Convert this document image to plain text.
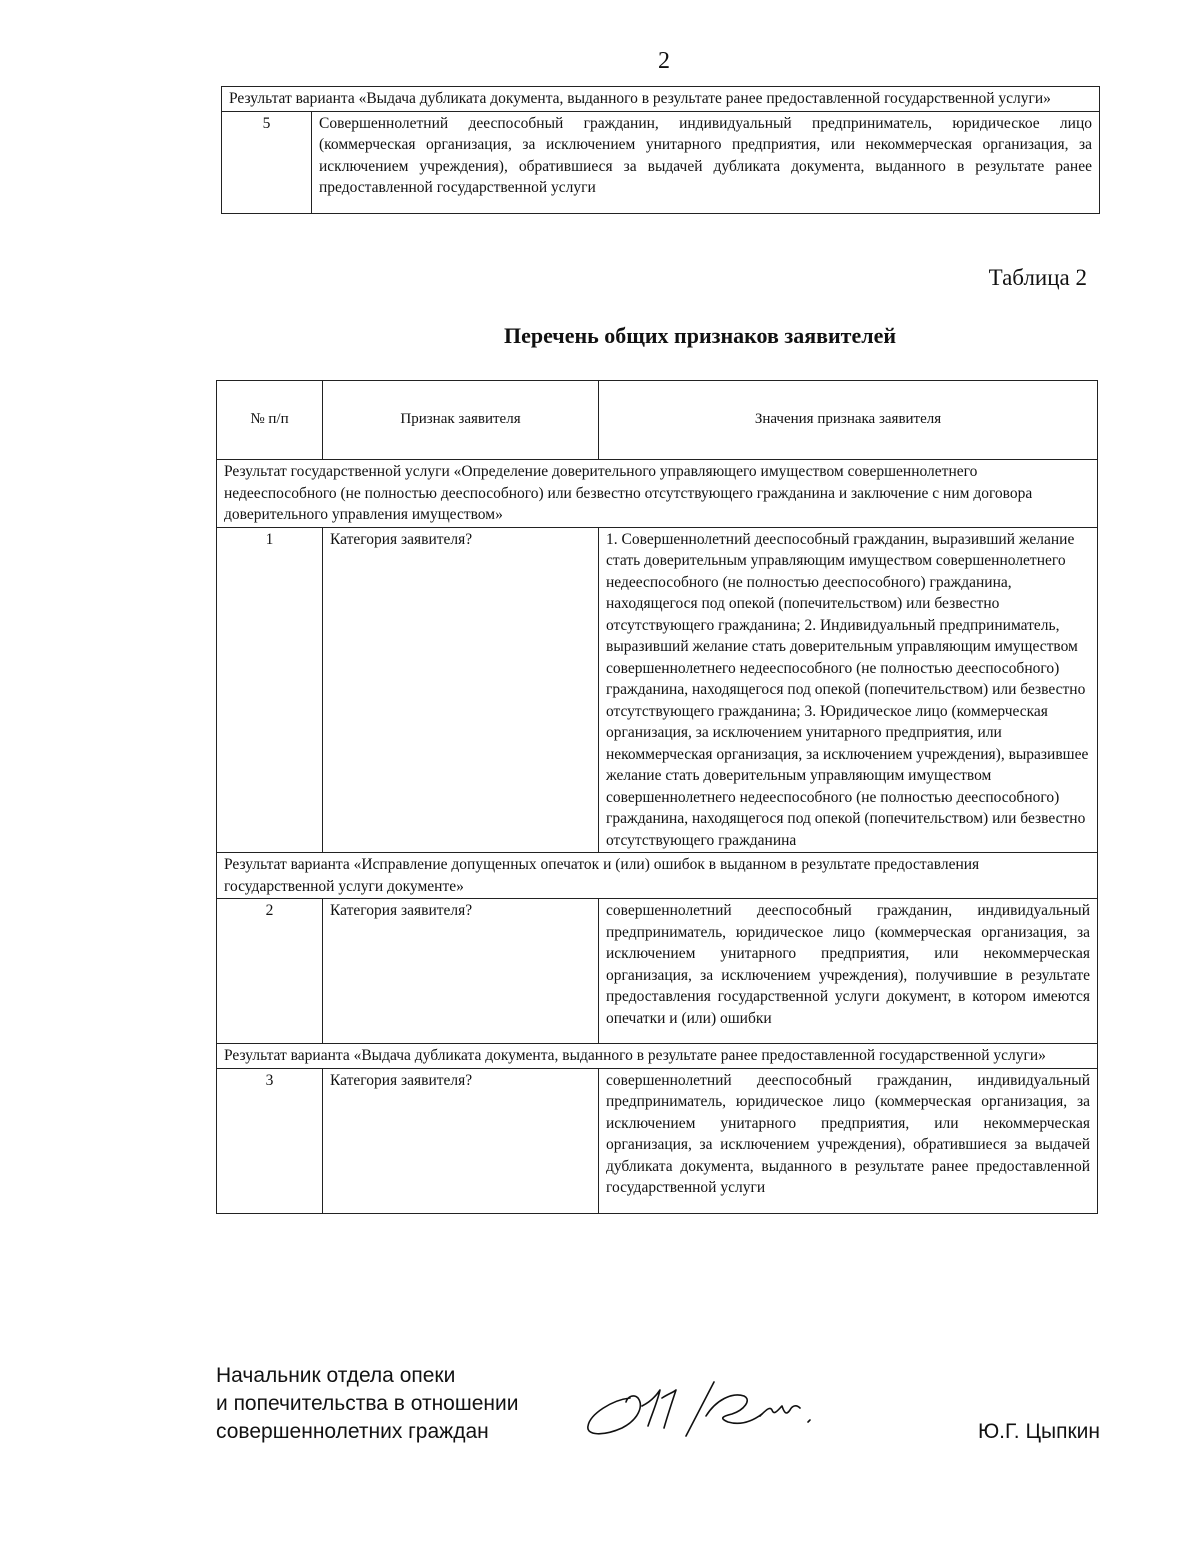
2
Результат варианта «Выдача дубликата документа, выданного в результате ранее предоставленной государственной услуги»
5	Совершеннолетний дееспособный гражданин, индивидуальный предприниматель, юридическое лицо (коммерческая организация, за исключением унитарного предприятия, или некоммерческая организация, за исключением учреждения), обратившиеся за выдачей дубликата документа, выданного в результате ранее предоставленной государственной услуги
Таблица 2
Перечень общих признаков заявителей
№ п/п	Признак заявителя	Значения признака заявителя
Результат государственной услуги «Определение доверительного управляющего имуществом совершеннолетнего недееспособного (не полностью дееспособного) или безвестно отсутствующего гражданина и заключение с ним договора доверительного управления имуществом»		
1	Категория заявителя?	1. Совершеннолетний дееспособный гражданин, выразивший желание стать доверительным управляющим имуществом совершеннолетнего недееспособного (не полностью дееспособного) гражданина, находящегося под опекой (попечительством) или безвестно отсутствующего гражданина; 2. Индивидуальный предприниматель, выразивший желание стать доверительным управляющим имуществом совершеннолетнего недееспособного (не полностью дееспособного) гражданина, находящегося под опекой (попечительством) или безвестно отсутствующего гражданина; 3. Юридическое лицо (коммерческая организация, за исключением унитарного предприятия, или некоммерческая организация, за исключением учреждения), выразившее желание стать доверительным управляющим имуществом совершеннолетнего недееспособного (не полностью дееспособного) гражданина, находящегося под опекой (попечительством) или безвестно отсутствующего гражданина
Результат варианта «Исправление допущенных опечаток и (или) ошибок в выданном в результате предоставления государственной услуги документе»		
2	Категория заявителя?	совершеннолетний дееспособный гражданин, индивидуальный предприниматель, юридическое лицо (коммерческая организация, за исключением унитарного предприятия, или некоммерческая организация, за исключением учреждения), получившие в результате предоставления государственной услуги документ, в котором имеются опечатки и (или) ошибки
Результат варианта «Выдача дубликата документа, выданного в результате ранее предоставленной государственной услуги»		
3	Категория заявителя?	совершеннолетний дееспособный гражданин, индивидуальный предприниматель, юридическое лицо (коммерческая организация, за исключением унитарного предприятия, или некоммерческая организация, за исключением учреждения), обратившиеся за выдачей дубликата документа, выданного в результате ранее предоставленной государственной услуги
Начальник отдела опеки
и попечительства в отношении
совершеннолетних граждан	Ю.Г. Цыпкин
